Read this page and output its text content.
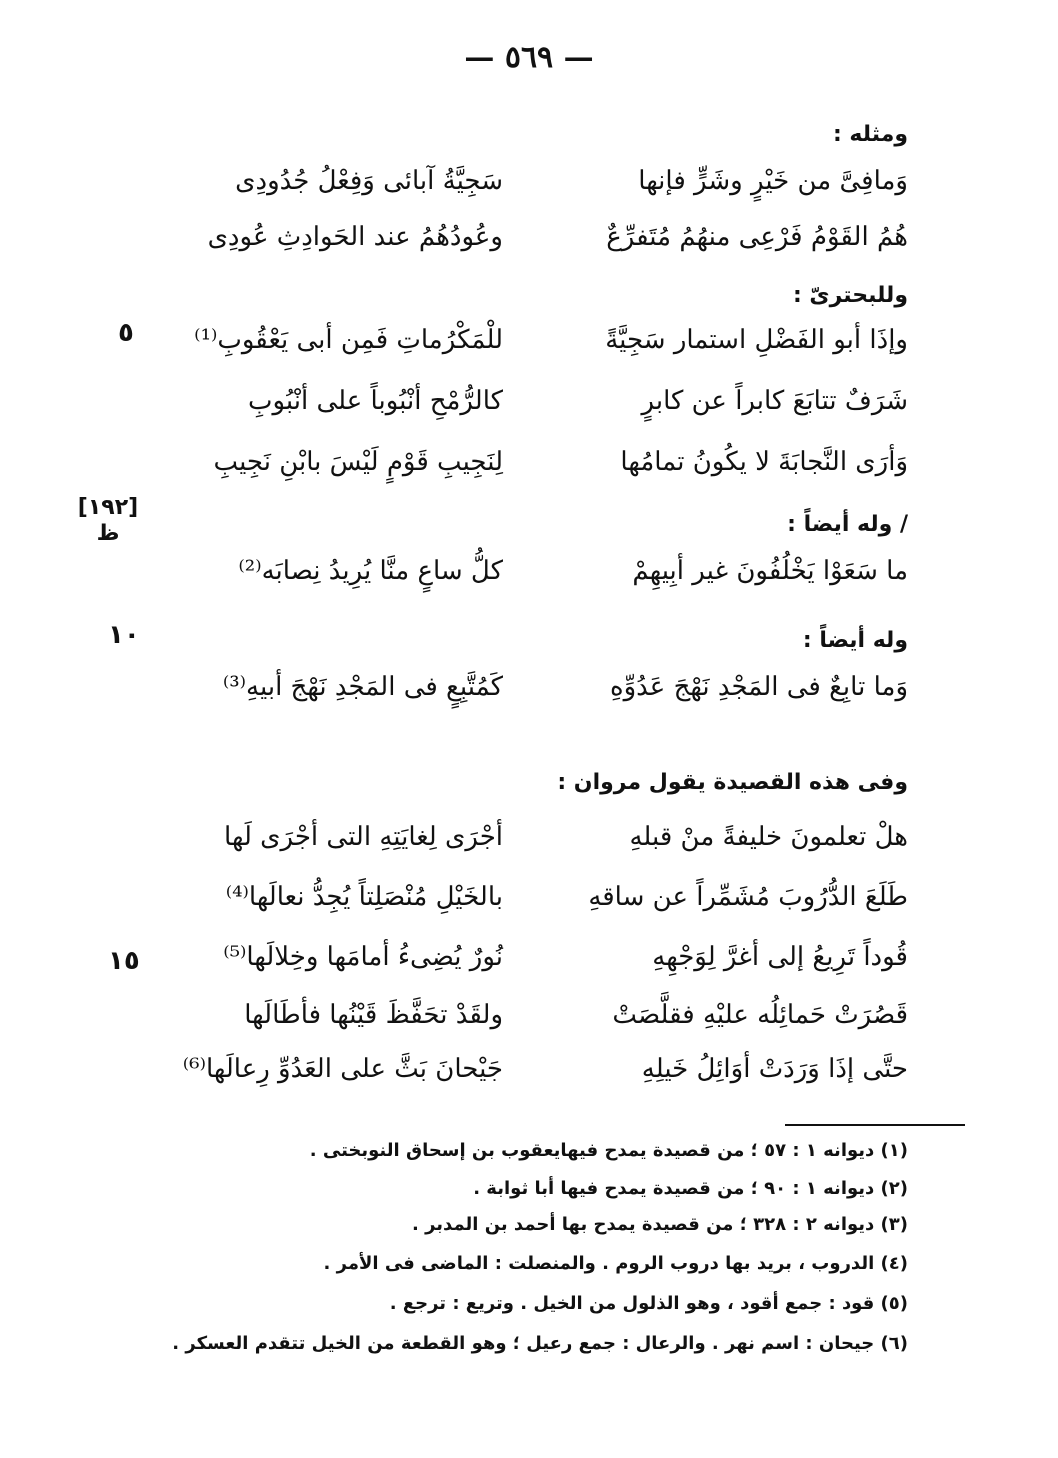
— ٥٦٩ —
ومثله :
وَمافِىَّ من خَيْرٍ وشَرٍّ فإنها
سَجِيَّةُ آبائى وَفِعْلُ جُدُودِى
هُمُ القَوْمُ فَرْعِى منهُمُ مُتَفرِّعٌ
وعُودُهُمُ عند الحَوادِثِ عُودِى
وللبحترىّ :
٥	وإذَا أبو الفَضْلِ استمار سَجِيَّةً
للْمَكْرُماتِ فَمِن أبى يَعْقُوبِ⁽¹⁾
شَرَفٌ تتابَعَ كابراً عن كابرٍ
كالرُّمْحِ أنْبُوباً على أنْبُوبِ
وَأرَى النَّجابَةَ لا يكُونُ تمامُها
لِنَجِيبِ قَوْمٍ لَيْسَ بابْنِ نَجِيبِ
[١٩٢]
ظ	/ وله أيضاً :
ما سَعَوْا يَخْلُفُونَ غير أبِيهِمْ
كلُّ ساعٍ منَّا يُرِيدُ نِصابَه⁽²⁾
١٠	وله أيضاً :
وَما تابِعٌ فى المَجْدِ نَهْجَ عَدُوِّهِ
كَمُتَّبِعٍ فى المَجْدِ نَهْجَ أبيهِ⁽³⁾
وفى هذه القصيدة يقول مروان :
هلْ تعلمونَ خليفةً منْ قبلهِ
أجْرَى لِغايَتِهِ التى أجْرَى لَها
طَلَعَ الدُّرُوبَ مُشَمِّراً عن ساقهِ
بالخَيْلِ مُنْصَلِتاً يُجِدُّ نعالَها⁽⁴⁾
١٥	قُوداً تَرِيعُ إلى أغرَّ لِوَجْهِهِ
نُورٌ يُضِىءُ أمامَها وخِلالَها⁽⁵⁾
قَصُرَتْ حَمائِلُه عليْهِ فقلَّصَتْ
ولقَدْ تحَفَّظَ قَيْنُها فأطَالَها
حتَّى إذَا وَرَدَتْ أوَائِلُ خَيلِهِ
جَيْحانَ بَثَّ على العَدُوِّ رِعالَها⁽⁶⁾
(١) ديوانه ١ : ٥٧ ؛ من قصيدة يمدح فيهايعقوب بن إسحاق النوبختى .
(٢) ديوانه ١ : ٩٠ ؛ من قصيدة يمدح فيها أبا ثوابة .
(٣) ديوانه ٢ : ٣٢٨ ؛ من قصيدة يمدح بها أحمد بن المدبر .
(٤) الدروب ، بريد بها دروب الروم . والمنصلت : الماضى فى الأمر .
(٥) قود : جمع أقود ، وهو الذلول من الخيل . وتريع : ترجع .
(٦) جيحان : اسم نهر . والرعال : جمع رعيل ؛ وهو القطعة من الخيل تتقدم العسكر .
